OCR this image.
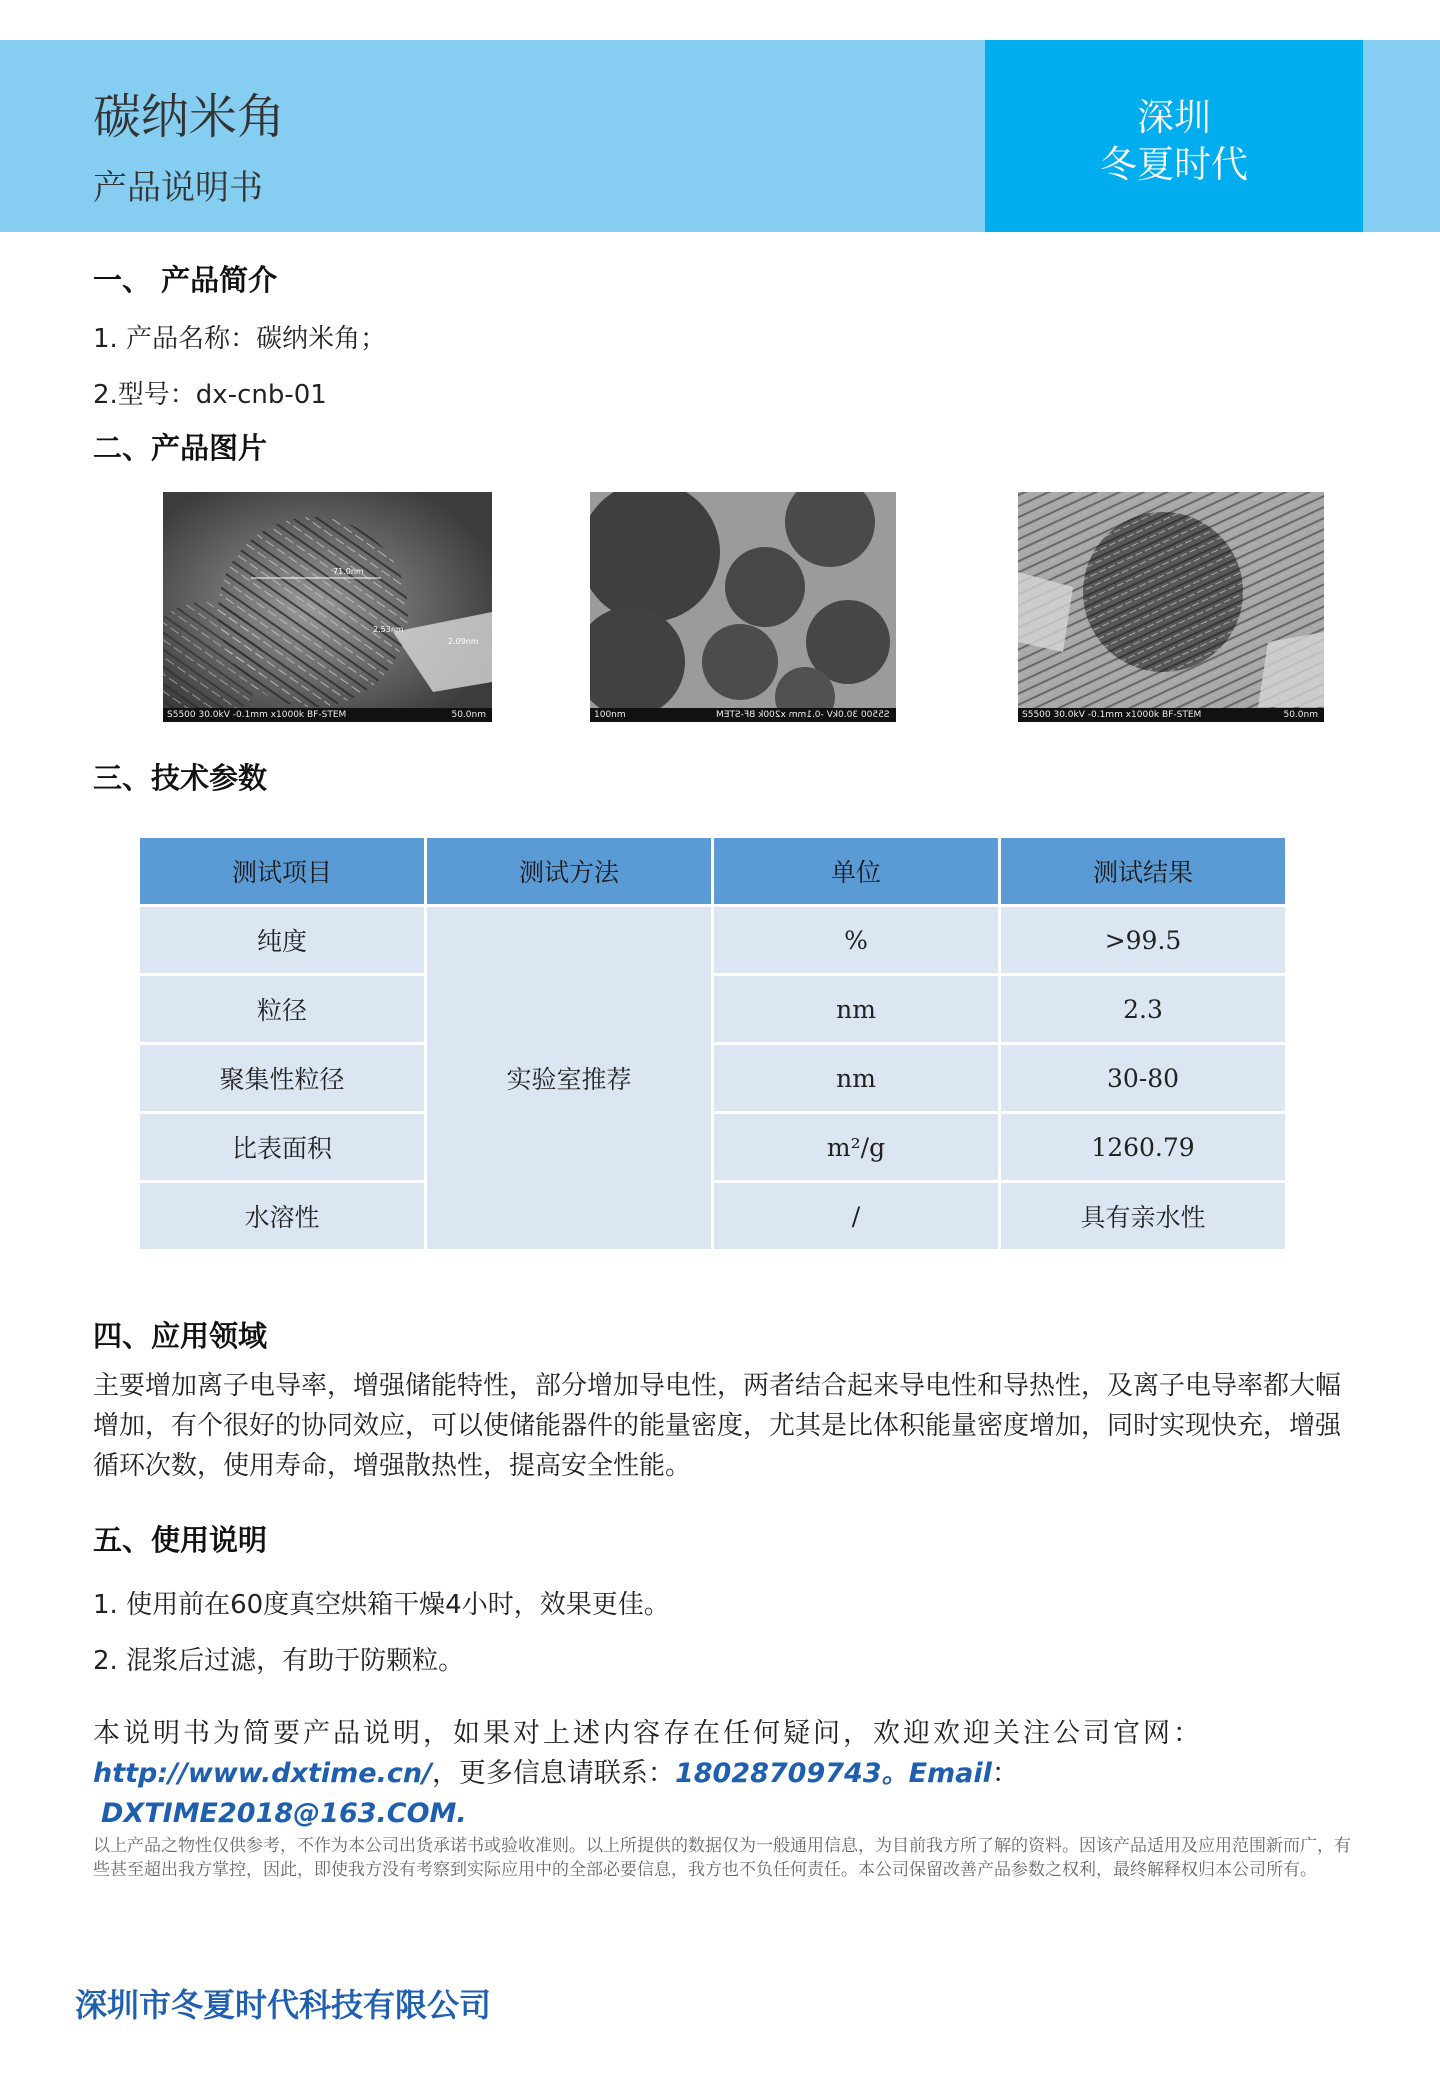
碳纳米角
产品说明书
深圳
冬夏时代
一、 产品简介
1. 产品名称：碳纳米角；
2.型号：dx-cnb-01
二、产品图片
71.0nm
2.53nm
2.09nm
S5500 30.0kV -0.1mm x1000k BF-STEM	50.0nm	100nm	S5500 30.0kV -0.1mm x200k BF-STEM	S5500 30.0kV -0.1mm x1000k BF-STEM	50.0nm
三、技术参数
测试项目	测试方法	单位	测试结果
纯度	实验室推荐	%	>99.5
粒径		nm	2.3
聚集性粒径		nm	30-80
比表面积		m²/g	1260.79
水溶性		/	具有亲水性
四、应用领域
主要增加离子电导率，增强储能特性，部分增加导电性，两者结合起来导电性和导热性，及离子电导率都大幅增加，有个很好的协同效应，可以使储能器件的能量密度，尤其是比体积能量密度增加，同时实现快充，增强循环次数，使用寿命，增强散热性，提高安全性能。
五、使用说明
1. 使用前在60度真空烘箱干燥4小时，效果更佳。
2. 混浆后过滤，有助于防颗粒。
本说明书为简要产品说明，如果对上述内容存在任何疑问，欢迎欢迎关注公司官网：http://www.dxtime.cn/，更多信息请联系：18028709743。Email：DXTIME2018@163.COM.
以上产品之物性仅供参考，不作为本公司出货承诺书或验收准则。以上所提供的数据仅为一般通用信息，为目前我方所了解的资料。因该产品适用及应用范围新而广，有些甚至超出我方掌控，因此，即使我方没有考察到实际应用中的全部必要信息，我方也不负任何责任。本公司保留改善产品参数之权利，最终解释权归本公司所有。
深圳市冬夏时代科技有限公司
